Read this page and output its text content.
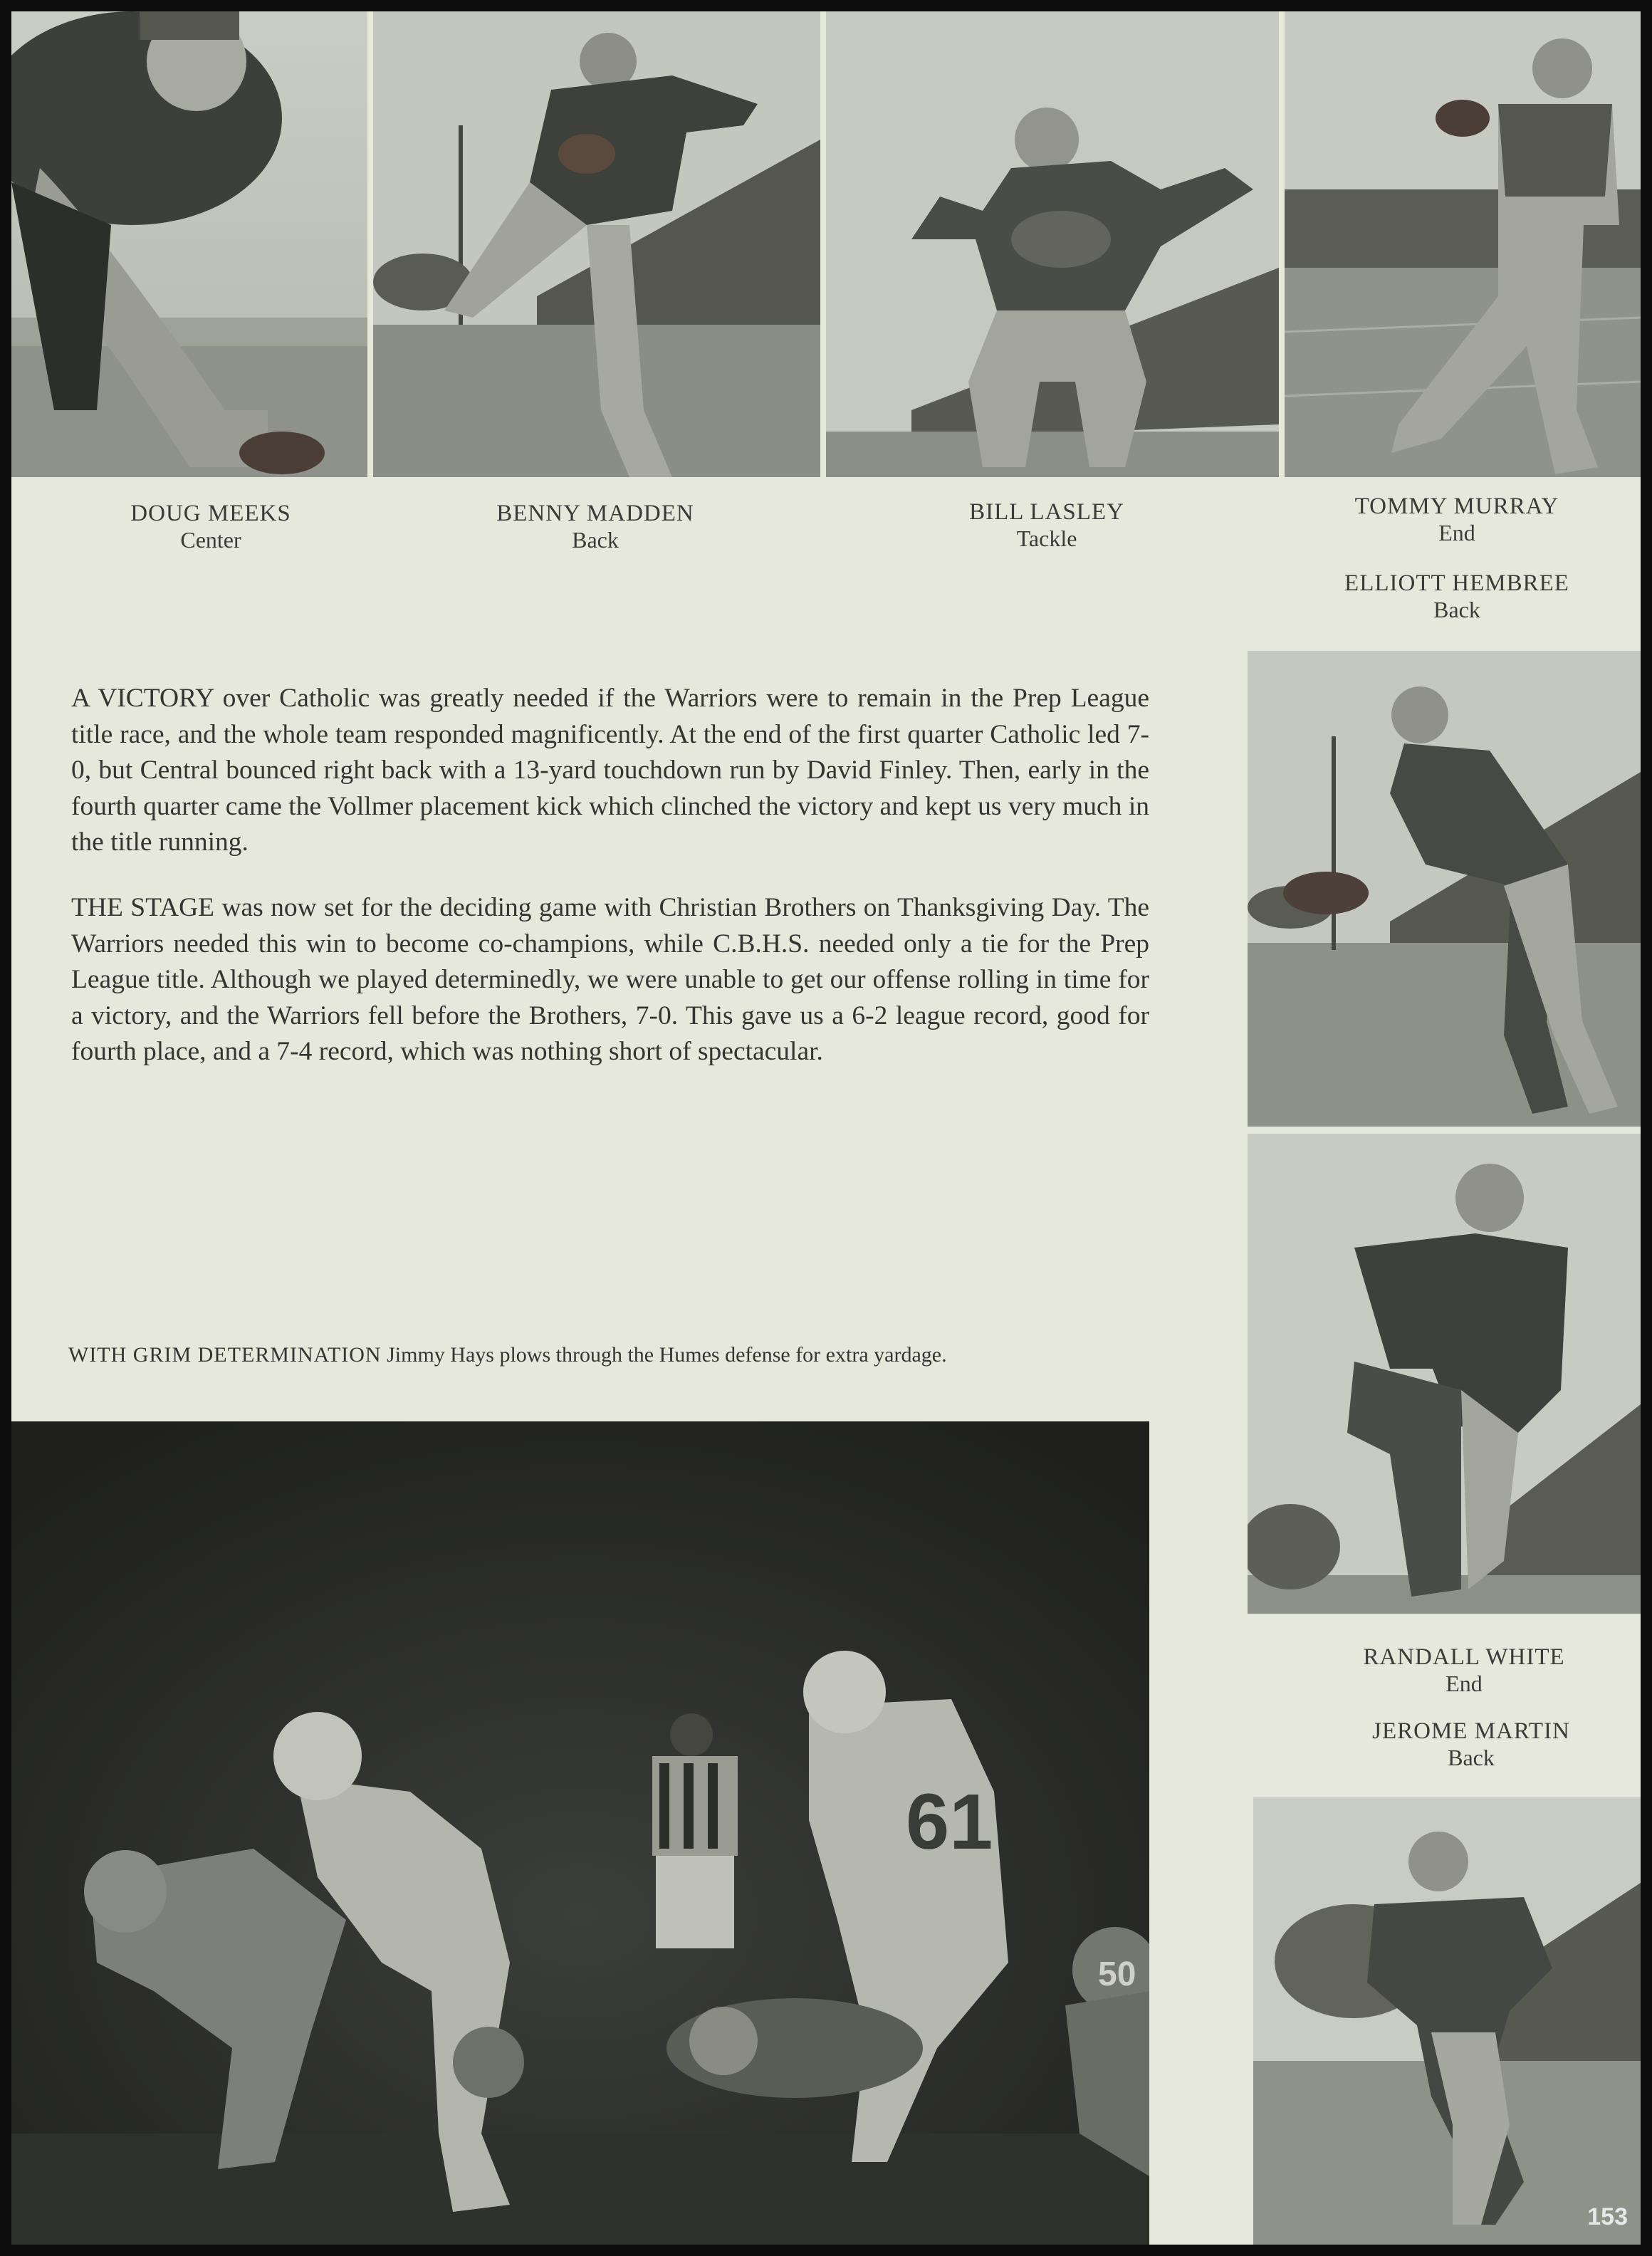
DOUG MEEKS
Center
BENNY MADDEN
Back
BILL LASLEY
Tackle
TOMMY MURRAY
End
ELLIOTT HEMBREE
Back

A VICTORY over Catholic was greatly needed if the Warriors were to remain in the Prep League title race, and the whole team responded magnificently. At the end of the first quarter Catholic led 7-0, but Central bounced right back with a 13-yard touchdown run by David Finley. Then, early in the fourth quarter came the Vollmer placement kick which clinched the victory and kept us very much in the title running.

THE STAGE was now set for the deciding game with Christian Brothers on Thanksgiving Day. The Warriors needed this win to become co-champions, while C.B.H.S. needed only a tie for the Prep League title. Although we played determinedly, we were unable to get our offense rolling in time for a victory, and the Warriors fell before the Brothers, 7-0. This gave us a 6-2 league record, good for fourth place, and a 7-4 record, which was nothing short of spectacular.

RANDALL WHITE
End
JEROME MARTIN
Back

WITH GRIM DETERMINATION Jimmy Hays plows through the Humes defense for extra yardage.

61
50
153
